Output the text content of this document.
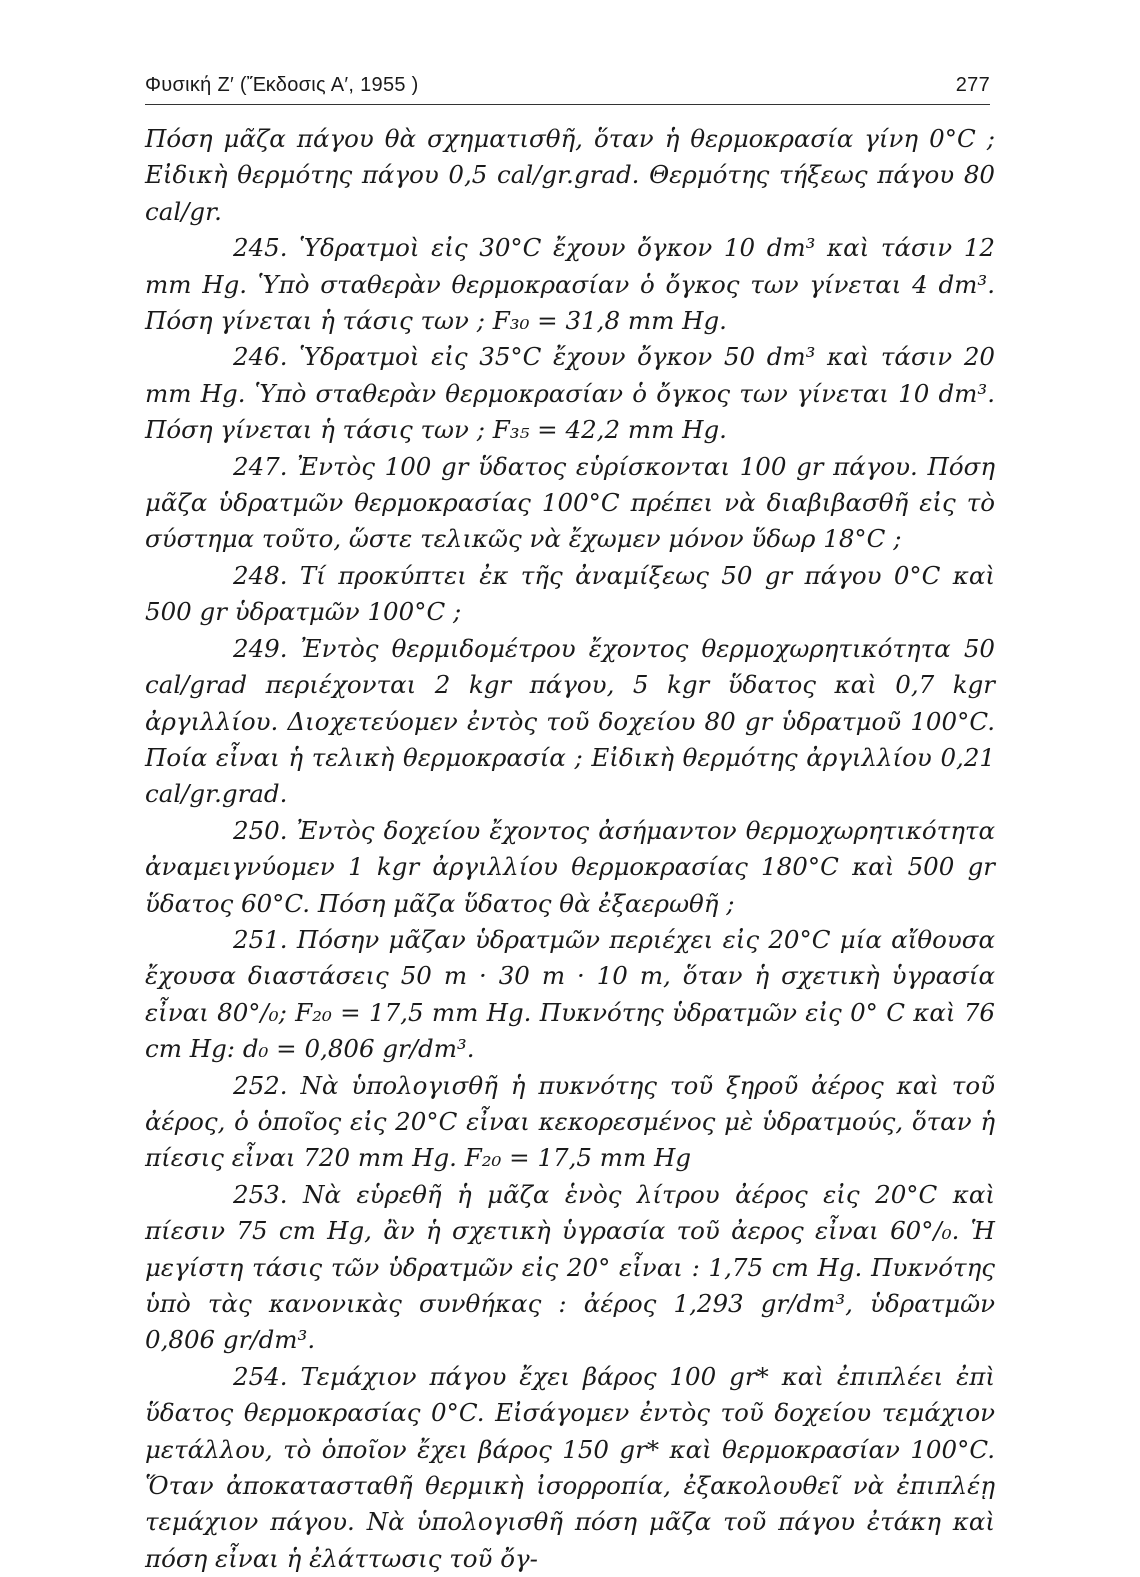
Φυσική Ζ′ (Ἔκδοσις Α′, 1955 )	277

Πόση μᾶζα πάγου θὰ σχηματισθῆ, ὅταν ἡ θερμοκρασία γίνη 0°C ; Εἰδικὴ θερμότης πάγου 0,5 cal/gr.grad. Θερμότης τήξεως πάγου 80 cal/gr.

245. Ὑδρατμοὶ εἰς 30°C ἔχουν ὄγκον 10 dm³ καὶ τάσιν 12 mm Hg. Ὑπὸ σταθερὰν θερμοκρασίαν ὁ ὄγκος των γίνεται 4 dm³. Πόση γίνεται ἡ τάσις των ; F₃₀ = 31,8 mm Hg.

246. Ὑδρατμοὶ εἰς 35°C ἔχουν ὄγκον 50 dm³ καὶ τάσιν 20 mm Hg. Ὑπὸ σταθερὰν θερμοκρασίαν ὁ ὄγκος των γίνεται 10 dm³. Πόση γίνεται ἡ τάσις των ; F₃₅ = 42,2 mm Hg.

247. Ἐντὸς 100 gr ὕδατος εὑρίσκονται 100 gr πάγου. Πόση μᾶζα ὑδρατμῶν θερμοκρασίας 100°C πρέπει νὰ διαβιβασθῆ εἰς τὸ σύστημα τοῦτο, ὥστε τελικῶς νὰ ἔχωμεν μόνον ὕδωρ 18°C ;

248. Τί προκύπτει ἐκ τῆς ἀναμίξεως 50 gr πάγου 0°C καὶ 500 gr ὑδρατμῶν 100°C ;

249. Ἐντὸς θερμιδομέτρου ἔχοντος θερμοχωρητικότητα 50 cal/grad περιέχονται 2 kgr πάγου, 5 kgr ὕδατος καὶ 0,7 kgr ἀργιλλίου. Διοχετεύομεν ἐντὸς τοῦ δοχείου 80 gr ὑδρατμοῦ 100°C. Ποία εἶναι ἡ τελικὴ θερμοκρασία ; Εἰδικὴ θερμότης ἀργιλλίου 0,21 cal/gr.grad.

250. Ἐντὸς δοχείου ἔχοντος ἀσήμαντον θερμοχωρητικότητα ἀναμειγνύομεν 1 kgr ἀργιλλίου θερμοκρασίας 180°C καὶ 500 gr ὕδατος 60°C. Πόση μᾶζα ὕδατος θὰ ἐξαερωθῆ ;

251. Πόσην μᾶζαν ὑδρατμῶν περιέχει εἰς 20°C μία αἴθουσα ἔχουσα διαστάσεις 50 m · 30 m · 10 m, ὅταν ἡ σχετικὴ ὑγρασία εἶναι 80°/₀; F₂₀ = 17,5 mm Hg. Πυκνότης ὑδρατμῶν εἰς 0° C καὶ 76 cm Hg: d₀ = 0,806 gr/dm³.

252. Νὰ ὑπολογισθῆ ἡ πυκνότης τοῦ ξηροῦ ἀέρος καὶ τοῦ ἀέρος, ὁ ὁποῖος εἰς 20°C εἶναι κεκορεσμένος μὲ ὑδρατμούς, ὅταν ἡ πίεσις εἶναι 720 mm Hg. F₂₀ = 17,5 mm Hg

253. Νὰ εὑρεθῆ ἡ μᾶζα ἑνὸς λίτρου ἀέρος εἰς 20°C καὶ πίεσιν 75 cm Hg, ἂν ἡ σχετικὴ ὑγρασία τοῦ ἀερος εἶναι 60°/₀. Ἡ μεγίστη τάσις τῶν ὑδρατμῶν εἰς 20° εἶναι : 1,75 cm Hg. Πυκνότης ὑπὸ τὰς κανονικὰς συνθήκας : ἀέρος 1,293 gr/dm³, ὑδρατμῶν 0,806 gr/dm³.

254. Τεμάχιον πάγου ἔχει βάρος 100 gr* καὶ ἐπιπλέει ἐπὶ ὕδατος θερμοκρασίας 0°C. Εἰσάγομεν ἐντὸς τοῦ δοχείου τεμάχιον μετάλλου, τὸ ὁποῖον ἔχει βάρος 150 gr* καὶ θερμοκρασίαν 100°C. Ὅταν ἀποκατασταθῆ θερμικὴ ἰσορροπία, ἐξακολουθεῖ νὰ ἐπιπλέῃ τεμάχιον πάγου. Νὰ ὑπολογισθῆ πόση μᾶζα τοῦ πάγου ἐτάκη καὶ πόση εἶναι ἡ ἐλάττωσις τοῦ ὄγ-
